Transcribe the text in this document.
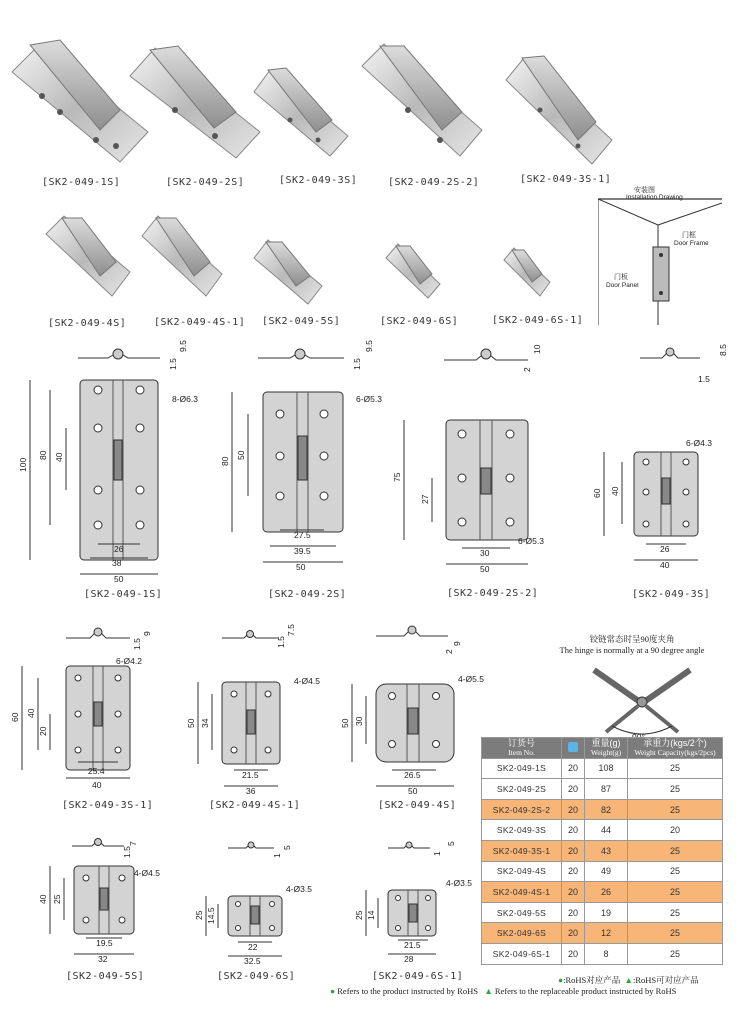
[SK2-049-1S]	[SK2-049-2S]	[SK2-049-3S]	[SK2-049-2S-2]	[SK2-049-3S-1]
[SK2-049-4S]	[SK2-049-4S-1] [SK2-049-5S]	[SK2-049-6S]	[SK2-049-6S-1]
安装图
Installation Drawing
门框
Door Frame
门板
Door Panel
9.5
1.5
100
80 40
8-Ø6.3
26
38
50
9.5
1.5
80
50
6-Ø5.3
27.5
39.5
50
10
2
75
27
6-Ø5.3
30
50
8.5
1.5
60 40
6-Ø4.3
26
40
9
1.5
60 40
20
6-Ø4.2
25.4
40
7.5
1.5
50 34
4-Ø4.5
21.5
36
9
2
50 30
4-Ø5.5
26.5
50
7
1.5
40 25
4-Ø4.5
19.5
32
5
1
25 14.5
4-Ø3.5
22
32.5
5
1
25 14
4-Ø3.5
21.5
28
[SK2-049-1S]	[SK2-049-2S]	[SK2-049-2S-2]	[SK2-049-3S]
[SK2-049-3S-1]	[SK2-049-4S-1]	[SK2-049-4S]
[SK2-049-5S]	[SK2-049-6S]	[SK2-049-6S-1]
铰链常态时呈90度夹角
The hinge is normally at a 90 degree angle
订货号
Item No.		重量(g)
Weight(g)	承重力(kgs/2个)
Weight Capacity(kgs/2pcs)

SK2-049-1S	20	108	25
SK2-049-2S	20	87	25
SK2-049-2S-2	20	82	25
SK2-049-3S	20	44	20
SK2-049-3S-1	20	43	25
SK2-049-4S	20	49	25
SK2-049-4S-1	20	26	25
SK2-049-5S	20	19	25
SK2-049-6S	20	12	25
SK2-049-6S-1	20	8	25
●:RoHS对应产品 ▲:RoHS可对应产品
● Refers to the product instructed by RoHS ▲ Refers to the replaceable product instructed by RoHS
